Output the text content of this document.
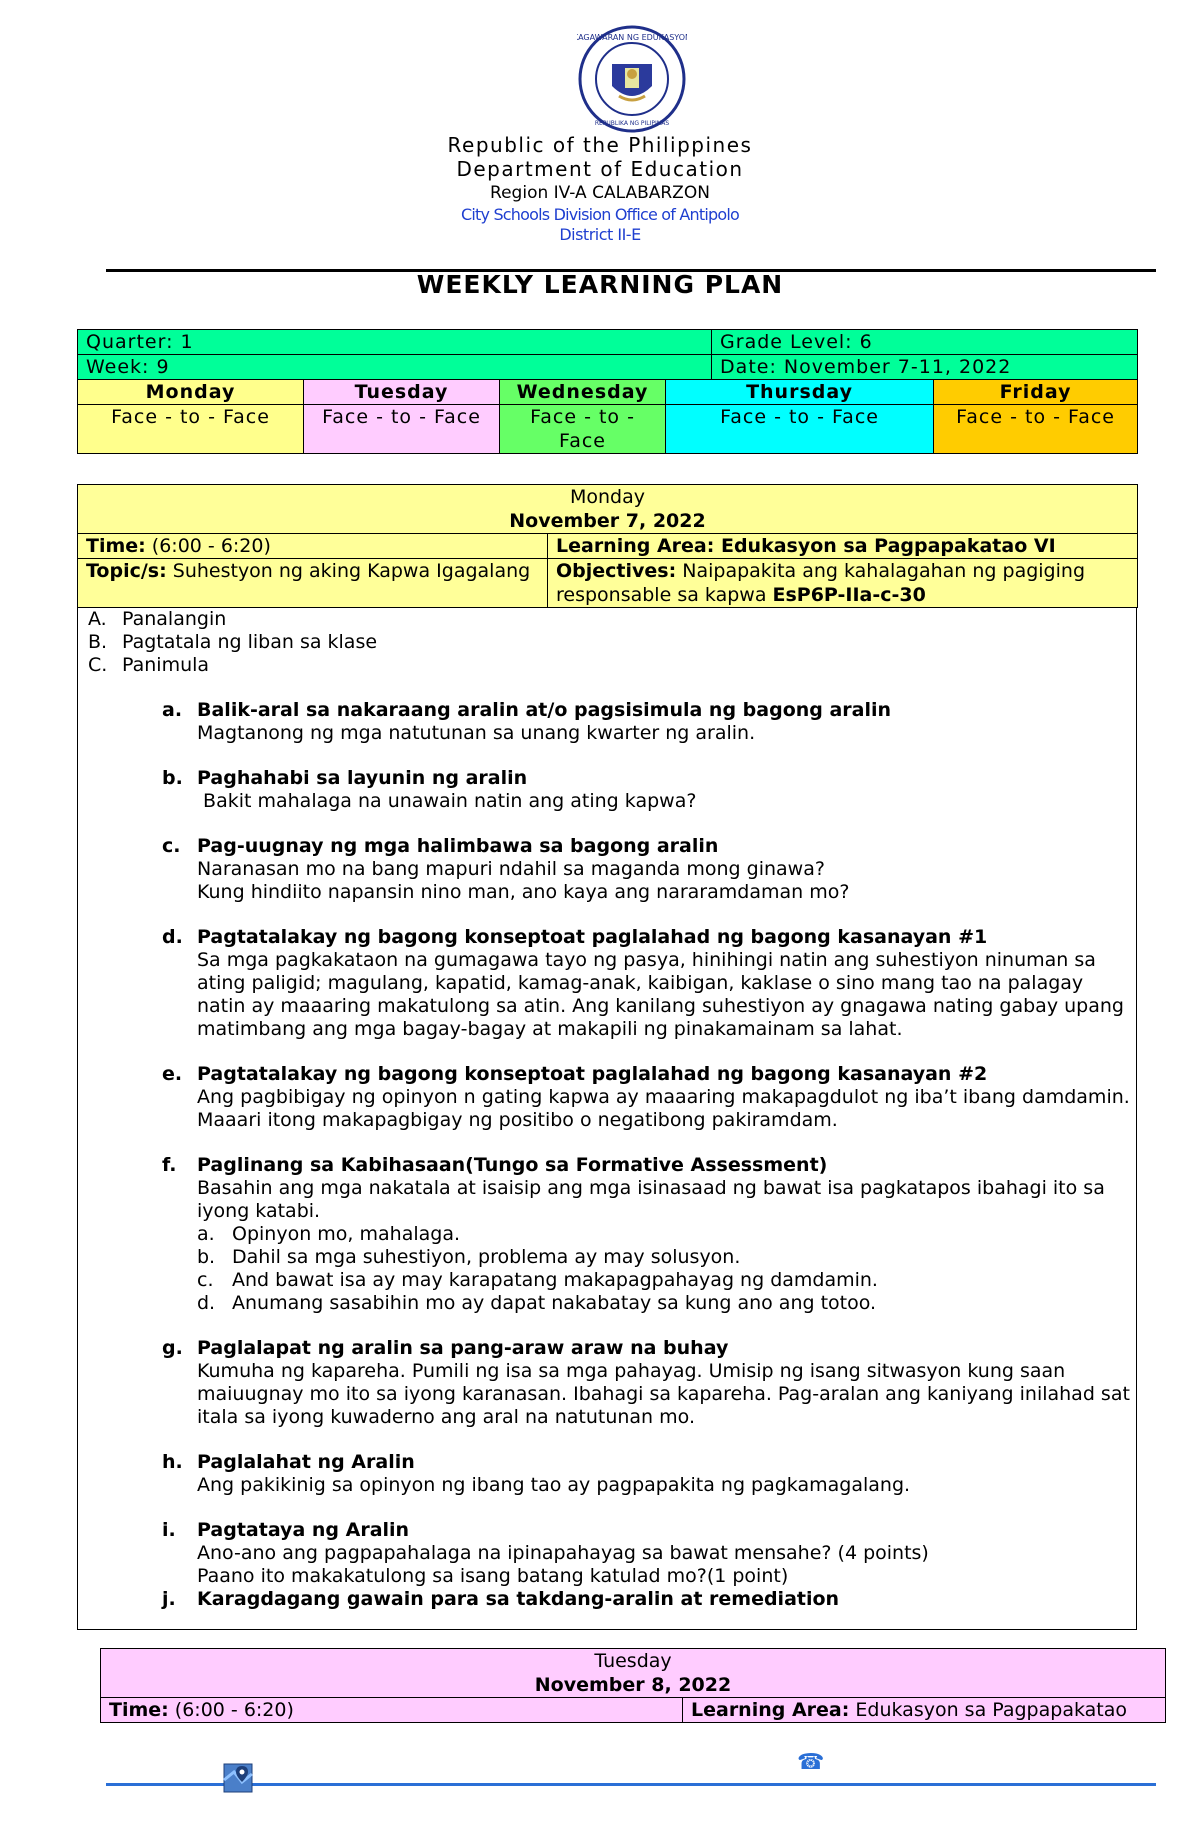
KAGAWARAN NG EDUKASYON
REPUBLIKA NG PILIPINAS
Republic of the Philippines
Department of Education
Region IV-A CALABARZON
City Schools Division Office of Antipolo
District II-E
WEEKLY LEARNING PLAN
Quarter: 1				Grade Level: 6	
Week: 9				Date: November 7-11, 2022	
Monday	Tuesday	Wednesday	Thursday		Friday
Face - to - Face	Face - to - Face	Face - to - Face	Face - to - Face		Face - to - Face
Monday
November 7, 2022	

Time: (6:00 - 6:20)	Learning Area: Edukasyon sa Pagpapakatao VI
Topic/s: Suhestyon ng aking Kapwa Igagalang	Objectives: Naipapakita ang kahalagahan ng pagiging responsable sa kapwa EsP6P-IIa-c-30
A. Panalangin
B. Pagtatala ng liban sa klase
C. Panimula
a. Balik-aral sa nakaraang aralin at/o pagsisimula ng bagong aralin
Magtanong ng mga natutunan sa unang kwarter ng aralin.
b. Paghahabi sa layunin ng aralin
Bakit mahalaga na unawain natin ang ating kapwa?
c. Pag-uugnay ng mga halimbawa sa bagong aralin
Naranasan mo na bang mapuri ndahil sa maganda mong ginawa?
Kung hindiito napansin nino man, ano kaya ang nararamdaman mo?
d. Pagtatalakay ng bagong konseptoat paglalahad ng bagong kasanayan #1
Sa mga pagkakataon na gumagawa tayo ng pasya, hinihingi natin ang suhestiyon ninuman sa
ating paligid; magulang, kapatid, kamag-anak, kaibigan, kaklase o sino mang tao na palagay
natin ay maaaring makatulong sa atin. Ang kanilang suhestiyon ay gnagawa nating gabay upang
matimbang ang mga bagay-bagay at makapili ng pinakamainam sa lahat.
e. Pagtatalakay ng bagong konseptoat paglalahad ng bagong kasanayan #2
Ang pagbibigay ng opinyon n gating kapwa ay maaaring makapagdulot ng iba’t ibang damdamin.
Maaari itong makapagbigay ng positibo o negatibong pakiramdam.
f.	Paglinang sa Kabihasaan(Tungo sa Formative Assessment)
Basahin ang mga nakatala at isaisip ang mga isinasaad ng bawat isa pagkatapos ibahagi ito sa
iyong katabi.
a. Opinyon mo, mahalaga.
b. Dahil sa mga suhestiyon, problema ay may solusyon.
c. And bawat isa ay may karapatang makapagpahayag ng damdamin.
d. Anumang sasabihin mo ay dapat nakabatay sa kung ano ang totoo.
g. Paglalapat ng aralin sa pang-araw araw na buhay
Kumuha ng kapareha. Pumili ng isa sa mga pahayag. Umisip ng isang sitwasyon kung saan
maiuugnay mo ito sa iyong karanasan. Ibahagi sa kapareha. Pag-aralan ang kaniyang inilahad sat
itala sa iyong kuwaderno ang aral na natutunan mo.
h. Paglalahat ng Aralin
Ang pakikinig sa opinyon ng ibang tao ay pagpapakita ng pagkamagalang.
i.	Pagtataya ng Aralin
Ano-ano ang pagpapahalaga na ipinapahayag sa bawat mensahe? (4 points)
Paano ito makakatulong sa isang batang katulad mo?(1 point)
j.	Karagdagang gawain para sa takdang-aralin at remediation
Tuesday
November 8, 2022

Time: (6:00 - 6:20)	Learning Area: Edukasyon sa Pagpapakatao
☎
